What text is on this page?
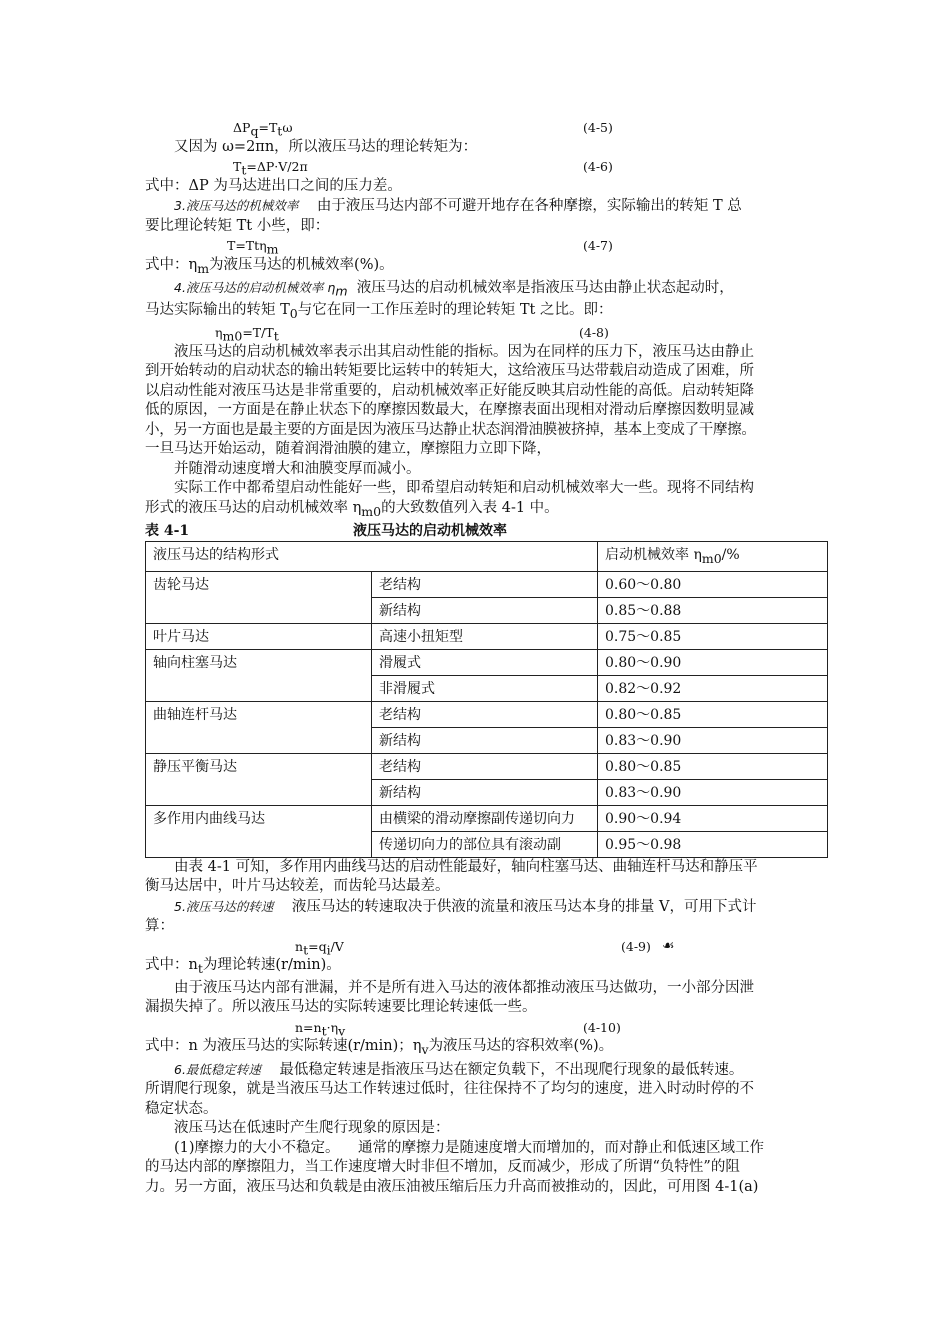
$\Delta P_q=T_t\omega$	(4-5)
又因为 ω=2πn，所以液压马达的理论转矩为：
$T_t=\Delta P\cdot V/2\pi$	(4-6)
式中：ΔP 为马达进出口之间的压力差。
3.液压马达的机械效率 由于液压马达内部不可避开地存在各种摩擦，实际输出的转矩 T 总
要比理论转矩 Tt 小些，即：
T=Ttη$_m$	(4-7)
式中：$\eta_m$为液压马达的机械效率(%)。
4.液压马达的启动机械效率 $\eta_m$ 液压马达的启动机械效率是指液压马达由静止状态起动时，
马达实际输出的转矩 $T_0$与它在同一工作压差时的理论转矩 Tt 之比。即：
$\eta_{m0}=T/T_t$	(4-8)
液压马达的启动机械效率表示出其启动性能的指标。因为在同样的压力下，液压马达由静止
到开始转动的启动状态的输出转矩要比运转中的转矩大，这给液压马达带载启动造成了困难，所
以启动性能对液压马达是非常重要的，启动机械效率正好能反映其启动性能的高低。启动转矩降
低的原因，一方面是在静止状态下的摩擦因数最大，在摩擦表面出现相对滑动后摩擦因数明显减
小，另一方面也是最主要的方面是因为液压马达静止状态润滑油膜被挤掉，基本上变成了干摩擦。
一旦马达开始运动，随着润滑油膜的建立，摩擦阻力立即下降，
并随滑动速度增大和油膜变厚而减小。
实际工作中都希望启动性能好一些，即希望启动转矩和启动机械效率大一些。现将不同结构
形式的液压马达的启动机械效率 $\eta_{m0}$的大致数值列入表 4-1 中。
表 4-1	液压马达的启动机械效率
液压马达的结构形式		启动机械效率 $\eta_{m0}/\%$
齿轮马达	老结构	0.60～0.80
	新结构	0.85～0.88
叶片马达	高速小扭矩型	0.75～0.85
轴向柱塞马达	滑履式	0.80～0.90
	非滑履式	0.82～0.92
曲轴连杆马达	老结构	0.80～0.85
	新结构	0.83～0.90
静压平衡马达	老结构	0.80～0.85
	新结构	0.83～0.90
多作用内曲线马达	由横梁的滑动摩擦副传递切向力	0.90～0.94
	传递切向力的部位具有滚动副	0.95～0.98
由表 4-1 可知，多作用内曲线马达的启动性能最好，轴向柱塞马达、曲轴连杆马达和静压平
衡马达居中，叶片马达较差，而齿轮马达最差。
5.液压马达的转速 液压马达的转速取决于供液的流量和液压马达本身的排量 V，可用下式计
算：
$n_t=q_i/V$	(4-9) ☙
式中：$n_t$为理论转速(r/min)。
由于液压马达内部有泄漏，并不是所有进入马达的液体都推动液压马达做功，一小部分因泄
漏损失掉了。所以液压马达的实际转速要比理论转速低一些。
$n=n_t\cdot\eta_v$	(4-10)
式中：n 为液压马达的实际转速(r/min)；$\eta_v$为液压马达的容积效率(%)。
6.最低稳定转速 最低稳定转速是指液压马达在额定负载下，不出现爬行现象的最低转速。
所谓爬行现象，就是当液压马达工作转速过低时，往往保持不了均匀的速度，进入时动时停的不
稳定状态。
液压马达在低速时产生爬行现象的原因是：
(1)摩擦力的大小不稳定。 通常的摩擦力是随速度增大而增加的，而对静止和低速区域工作
的马达内部的摩擦阻力，当工作速度增大时非但不增加，反而减少，形成了所谓“负特性”的阻
力。另一方面，液压马达和负载是由液压油被压缩后压力升高而被推动的，因此，可用图 4-1(a)
